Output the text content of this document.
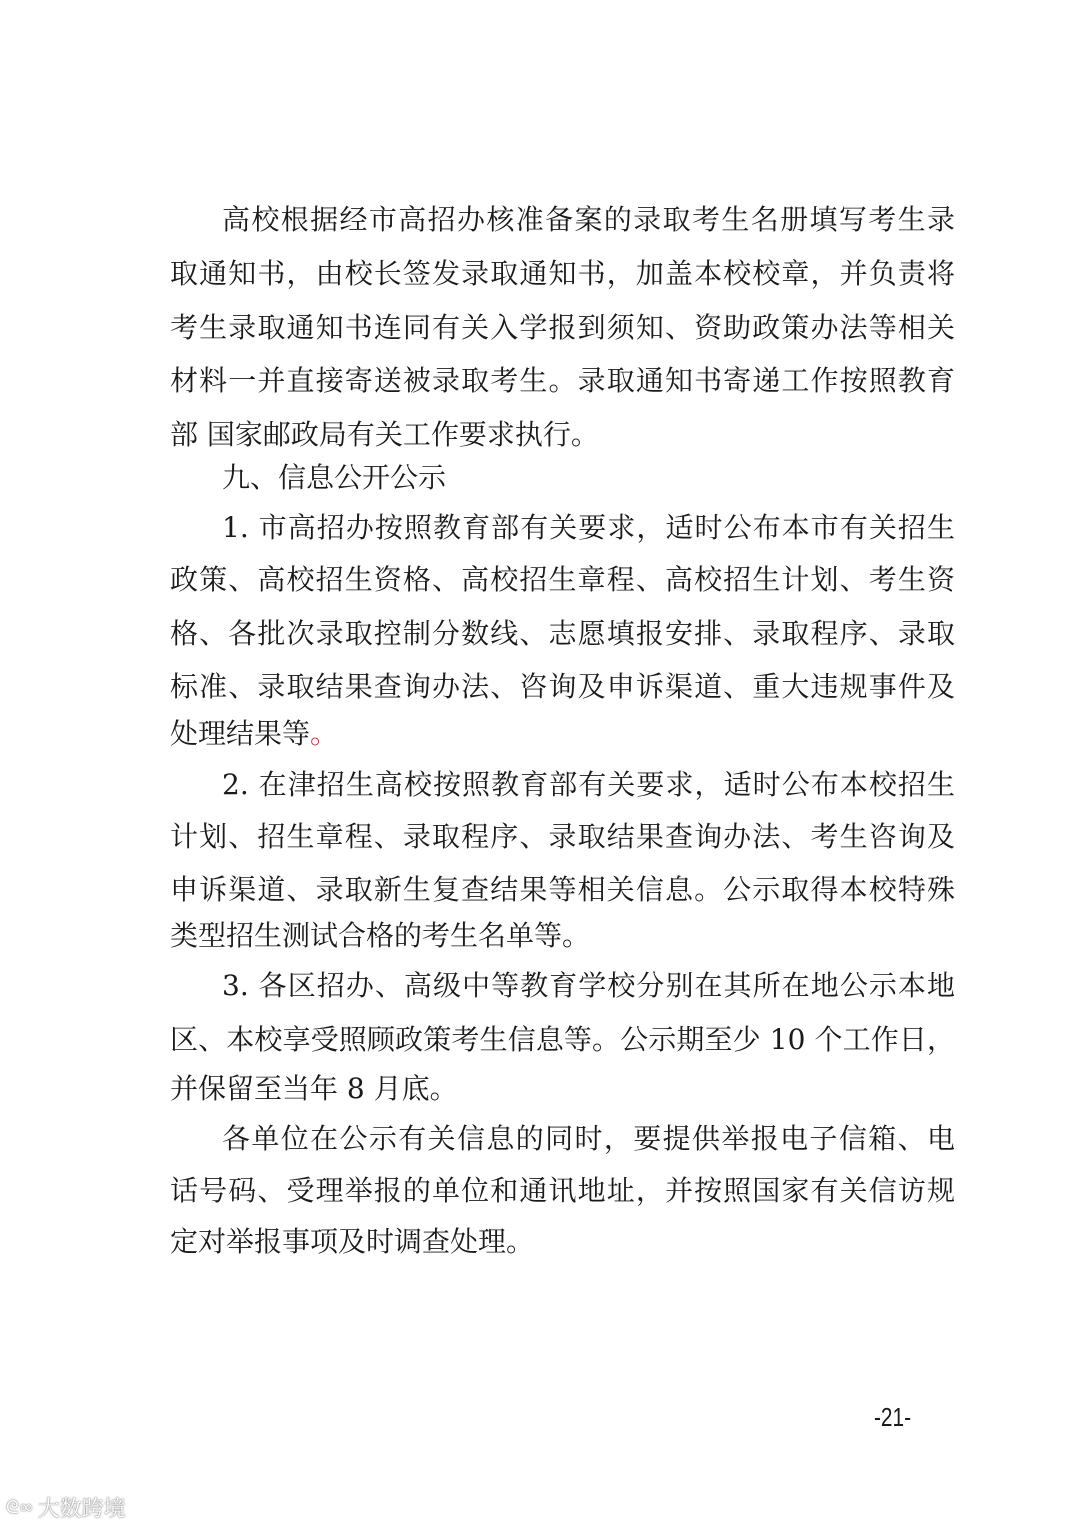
高校根据经市高招办核准备案的录取考生名册填写考生录
取通知书，由校长签发录取通知书，加盖本校校章，并负责将
考生录取通知书连同有关入学报到须知、资助政策办法等相关
材料一并直接寄送被录取考生。录取通知书寄递工作按照教育
部 国家邮政局有关工作要求执行。
九、信息公开公示
1. 市高招办按照教育部有关要求，适时公布本市有关招生
政策、高校招生资格、高校招生章程、高校招生计划、考生资
格、各批次录取控制分数线、志愿填报安排、录取程序、录取
标准、录取结果查询办法、咨询及申诉渠道、重大违规事件及
处理结果等。
2. 在津招生高校按照教育部有关要求，适时公布本校招生
计划、招生章程、录取程序、录取结果查询办法、考生咨询及
申诉渠道、录取新生复查结果等相关信息。公示取得本校特殊
类型招生测试合格的考生名单等。
3. 各区招办、高级中等教育学校分别在其所在地公示本地
区、本校享受照顾政策考生信息等。公示期至少 10 个工作日，
并保留至当年 8 月底。
各单位在公示有关信息的同时，要提供举报电子信箱、电
话号码、受理举报的单位和通讯地址，并按照国家有关信访规
定对举报事项及时调查处理。
-21-
ᘓ∞ 大数跨境
